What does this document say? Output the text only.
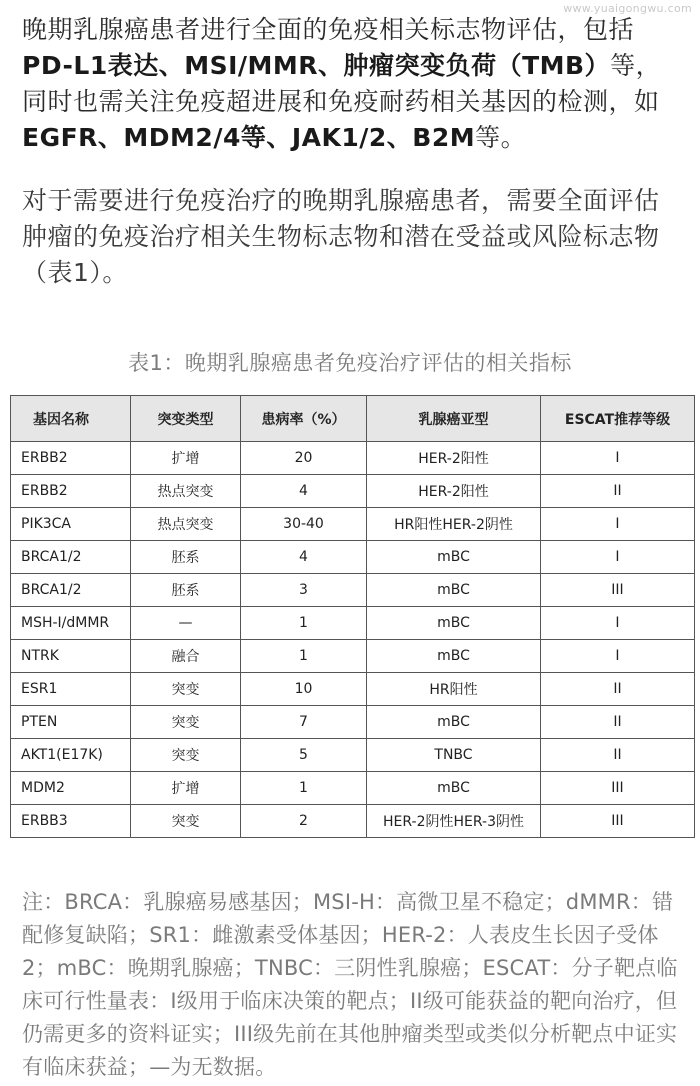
www.yuaigongwu.com
晚期乳腺癌患者进行全面的免疫相关标志物评估，包括PD-L1表达、MSI/MMR、肿瘤突变负荷（TMB）等，同时也需关注免疫超进展和免疫耐药相关基因的检测，如EGFR、MDM2/4等、JAK1/2、B2M等。
对于需要进行免疫治疗的晚期乳腺癌患者，需要全面评估肿瘤的免疫治疗相关生物标志物和潜在受益或风险标志物（表1）。
表1：晚期乳腺癌患者免疫治疗评估的相关指标
基因名称	突变类型	患病率（%）	乳腺癌亚型	ESCAT推荐等级
ERBB2	扩增	20	HER-2阳性	I
ERBB2	热点突变	4	HER-2阳性	II
PIK3CA	热点突变	30-40	HR阳性HER-2阴性	I
BRCA1/2	胚系	4	mBC	I
BRCA1/2	胚系	3	mBC	III
MSH-I/dMMR	—	1	mBC	I
NTRK	融合	1	mBC	I
ESR1	突变	10	HR阳性	II
PTEN	突变	7	mBC	II
AKT1(E17K)	突变	5	TNBC	II
MDM2	扩增	1	mBC	III
ERBB3	突变	2	HER-2阴性HER-3阴性	III
注：BRCA：乳腺癌易感基因；MSI-H：高微卫星不稳定；dMMR：错配修复缺陷；SR1：雌激素受体基因；HER-2：人表皮生长因子受体2；mBC：晚期乳腺癌；TNBC：三阴性乳腺癌；ESCAT：分子靶点临床可行性量表：I级用于临床决策的靶点；II级可能获益的靶向治疗，但仍需更多的资料证实；III级先前在其他肿瘤类型或类似分析靶点中证实有临床获益；—为无数据。
